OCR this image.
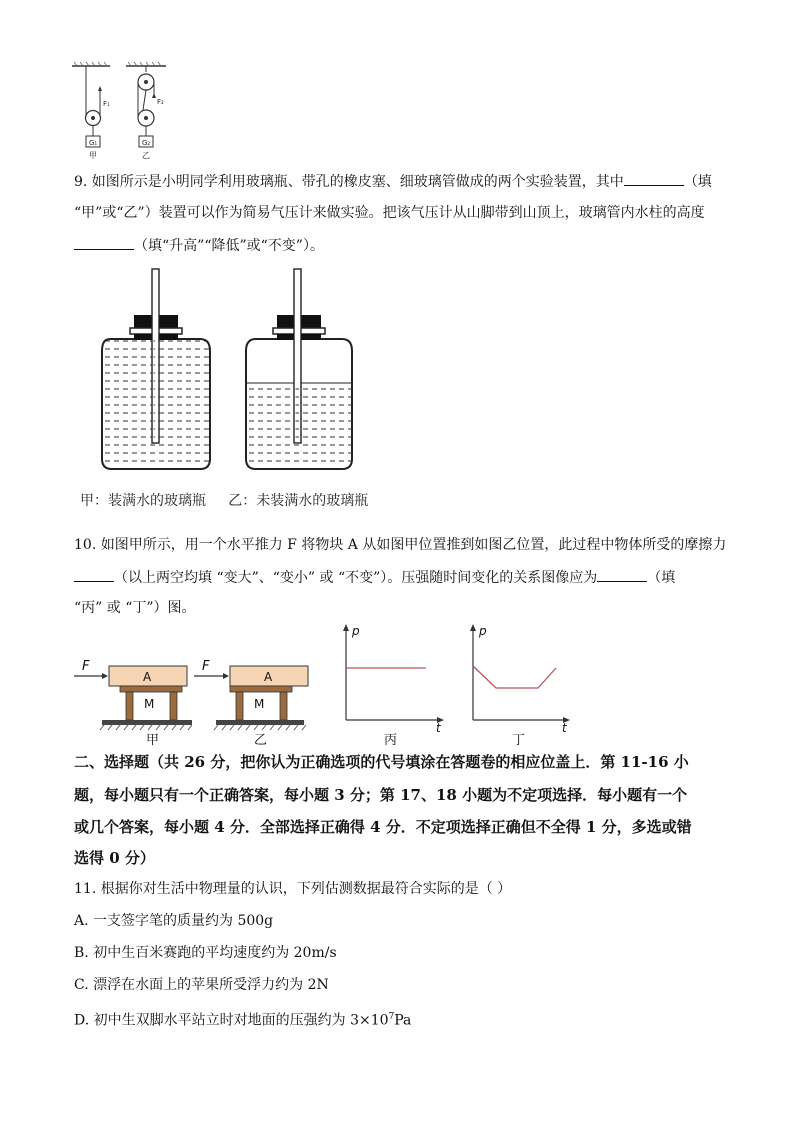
F₁	F₂
G₁	G₂
甲	乙
9. 如图所示是小明同学利用玻璃瓶、带孔的橡皮塞、细玻璃管做成的两个实验装置，其中	（填
“甲”或“乙”）装置可以作为简易气压计来做实验。把该气压计从山脚带到山顶上，玻璃管内水柱的高度
（填“升高”“降低”或“不变”）。
甲：装满水的玻璃瓶     乙：未装满水的玻璃瓶
10. 如图甲所示，用一个水平推力 F 将物块 A 从如图甲位置推到如图乙位置，此过程中物体所受的摩擦力
（以上两空均填 “变大”、“变小” 或 “不变”）。压强随时间变化的关系图像应为	（填
“丙” 或 “丁”）图。
F
A
M
甲
F
A
M
乙
p
t
丙
p
t
丁
二、选择题（共 26 分，把你认为正确选项的代号填涂在答题卷的相应位盖上．第 11-16 小
题，每小题只有一个正确答案，每小题 3 分；第 17、18 小题为不定项选择．每小题有一个
或几个答案，每小题 4 分．全部选择正确得 4 分．不定项选择正确但不全得 1 分，多选或错
选得 0 分）
11. 根据你对生活中物理量的认识，下列估测数据最符合实际的是（ ）
A. 一支签字笔的质量约为 500g
B. 初中生百米赛跑的平均速度约为 20m/s
C. 漂浮在水面上的苹果所受浮力约为 2N
D. 初中生双脚水平站立时对地面的压强约为 $3\times 10^7Pa$
